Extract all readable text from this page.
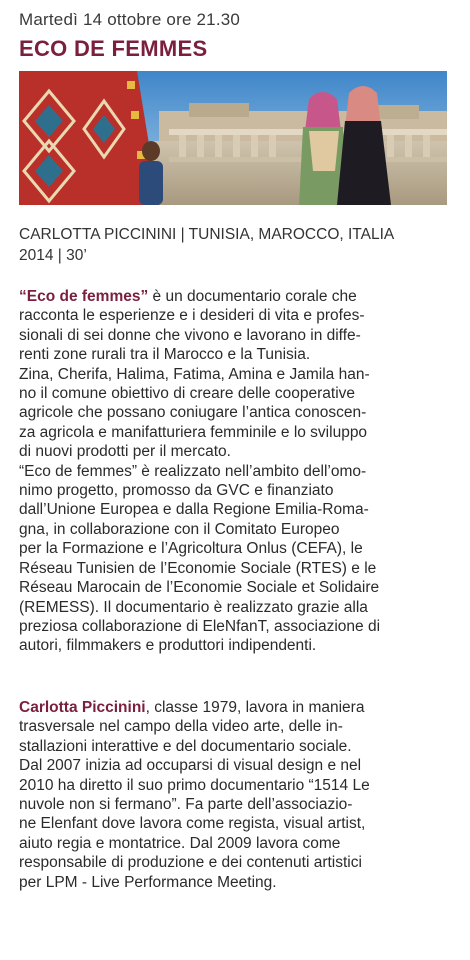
Martedì 14 ottobre ore 21.30
ECO DE FEMMES
CARLOTTA PICCININI | TUNISIA, MAROCCO, ITALIA
2014 | 30’
“Eco de femmes” è un documentario corale che
racconta le esperienze e i desideri di vita e profes-
sionali di sei donne che vivono e lavorano in diffe-
renti zone rurali tra il Marocco e la Tunisia.
Zina, Cherifa, Halima, Fatima, Amina e Jamila han-
no il comune obiettivo di creare delle cooperative
agricole che possano coniugare l’antica conoscen-
za agricola e manifatturiera femminile e lo sviluppo
di nuovi prodotti per il mercato.
“Eco de femmes” è realizzato nell’ambito dell’omo-
nimo progetto, promosso da GVC e finanziato
dall’Unione Europea e dalla Regione Emilia-Roma-
gna, in collaborazione con il Comitato Europeo
per la Formazione e l’Agricoltura Onlus (CEFA), le
Réseau Tunisien de l’Economie Sociale (RTES) e le
Réseau Marocain de l’Economie Sociale et Solidaire
(REMESS). Il documentario è realizzato grazie alla
preziosa collaborazione di EleNfanT, associazione di
autori, filmmakers e produttori indipendenti.
Carlotta Piccinini, classe 1979, lavora in maniera
trasversale nel campo della video arte, delle in-
stallazioni interattive e del documentario sociale.
Dal 2007 inizia ad occuparsi di visual design e nel
2010 ha diretto il suo primo documentario “1514 Le
nuvole non si fermano”. Fa parte dell’associazio-
ne Elenfant dove lavora come regista, visual artist,
aiuto regia e montatrice. Dal 2009 lavora come
responsabile di produzione e dei contenuti artistici
per LPM - Live Performance Meeting.
